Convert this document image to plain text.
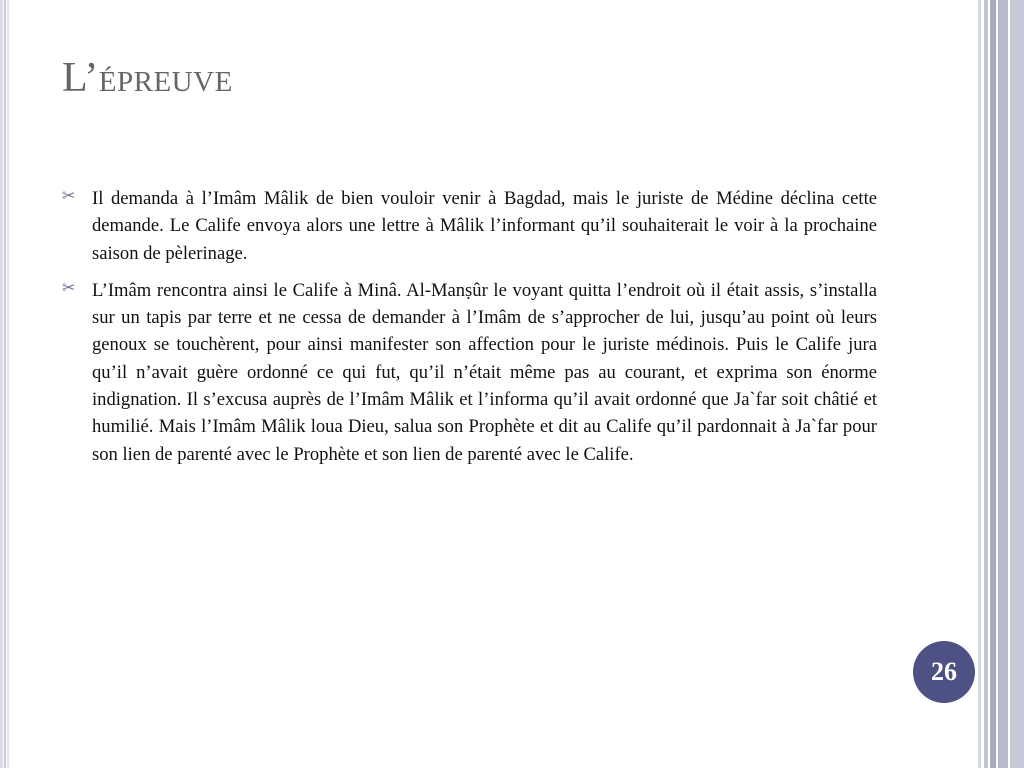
L’épreuve
✂ Il demanda à l’Imâm Mâlik de bien vouloir venir à Bagdad, mais le juriste de Médine déclina cette demande. Le Calife envoya alors une lettre à Mâlik l’informant qu’il souhaiterait le voir à la prochaine saison de pèlerinage.
✂ L’Imâm rencontra ainsi le Calife à Minâ. Al-Manṣûr le voyant quitta l’endroit où il était assis, s’installa sur un tapis par terre et ne cessa de demander à l’Imâm de s’approcher de lui, jusqu’au point où leurs genoux se touchèrent, pour ainsi manifester son affection pour le juriste médinois. Puis le Calife jura qu’il n’avait guère ordonné ce qui fut, qu’il n’était même pas au courant, et exprima son énorme indignation. Il s’excusa auprès de l’Imâm Mâlik et l’informa qu’il avait ordonné que Ja`far soit châtié et humilié. Mais l’Imâm Mâlik loua Dieu, salua son Prophète et dit au Calife qu’il pardonnait à Ja`far pour son lien de parenté avec le Prophète et son lien de parenté avec le Calife.
26
